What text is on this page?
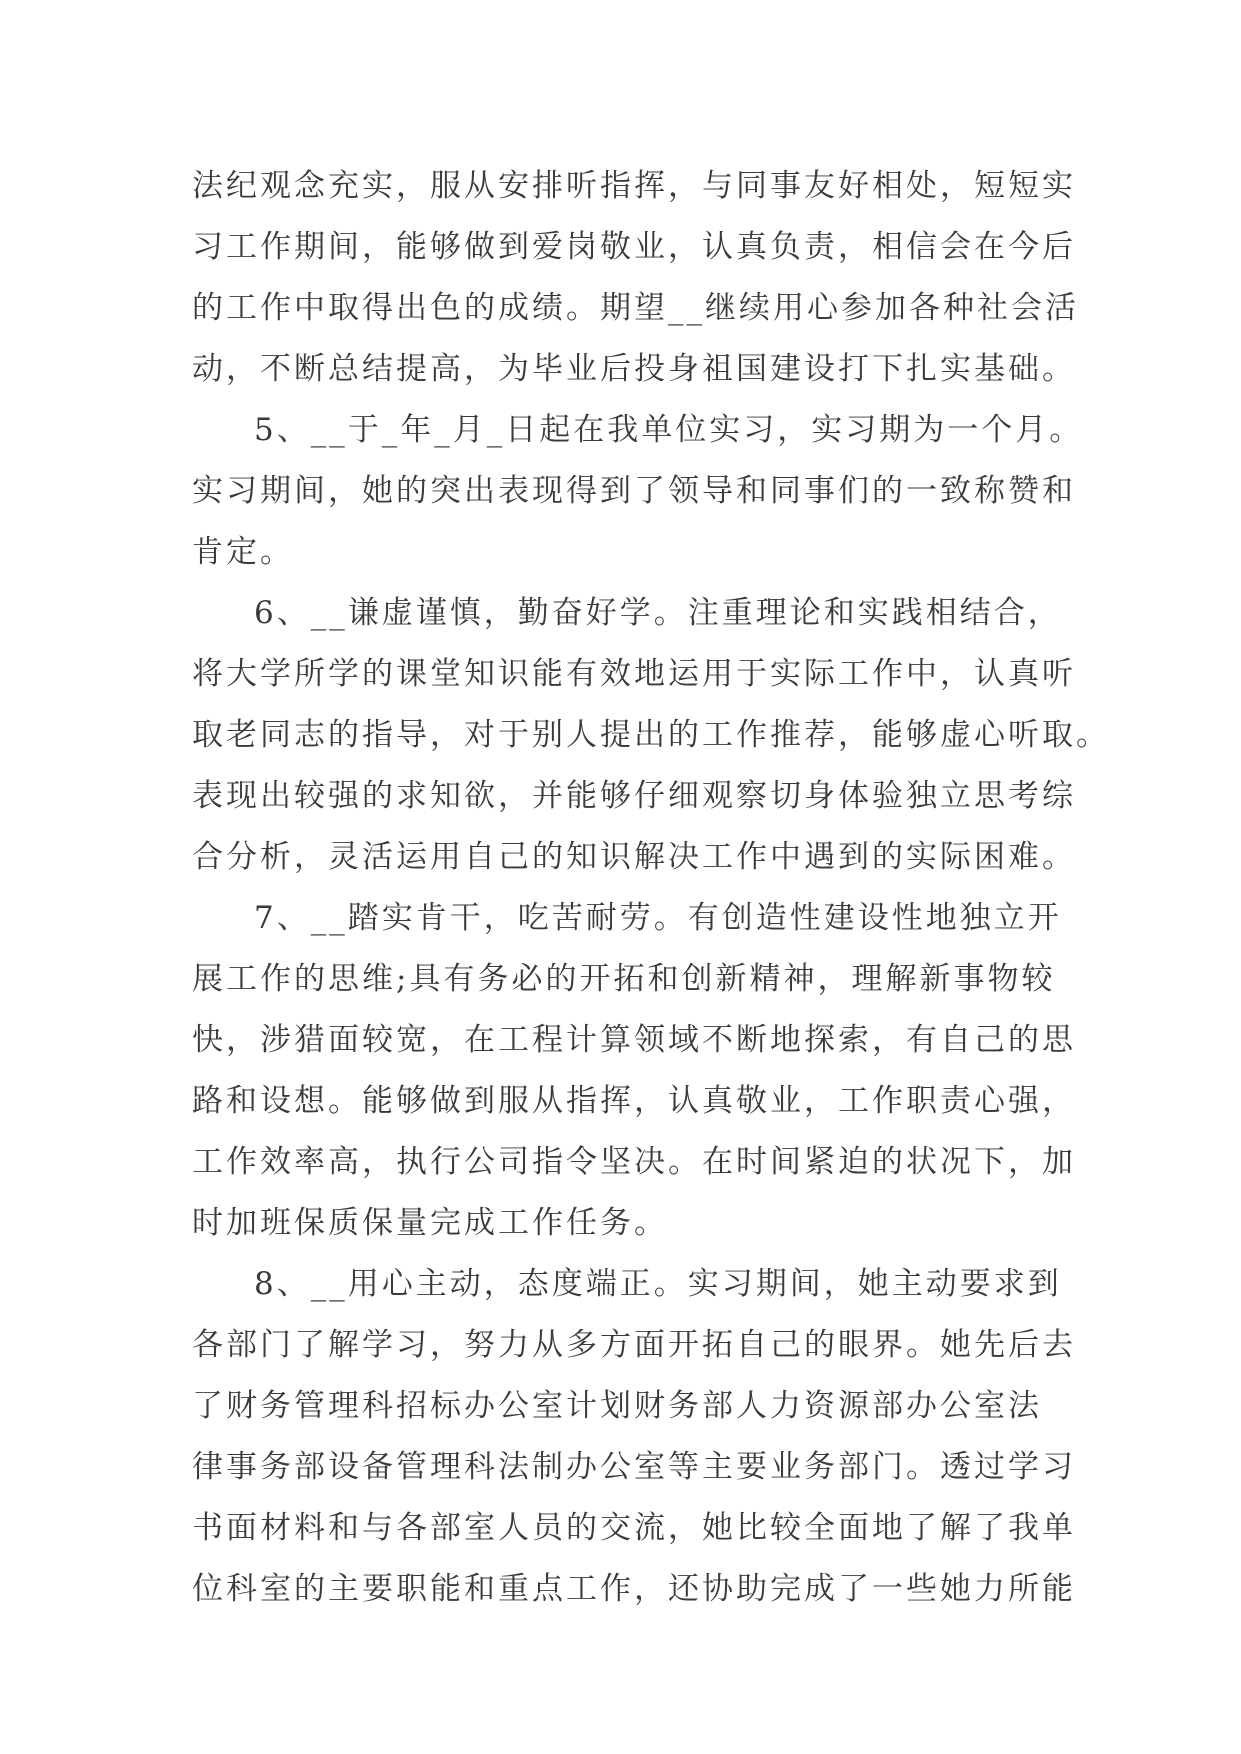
法纪观念充实，服从安排听指挥，与同事友好相处，短短实
习工作期间，能够做到爱岗敬业，认真负责，相信会在今后
的工作中取得出色的成绩。期望__继续用心参加各种社会活
动，不断总结提高，为毕业后投身祖国建设打下扎实基础。
5、__于_年_月_日起在我单位实习，实习期为一个月。
实习期间，她的突出表现得到了领导和同事们的一致称赞和
肯定。
6、__谦虚谨慎，勤奋好学。注重理论和实践相结合，
将大学所学的课堂知识能有效地运用于实际工作中，认真听
取老同志的指导，对于别人提出的工作推荐，能够虚心听取。
表现出较强的求知欲，并能够仔细观察切身体验独立思考综
合分析，灵活运用自己的知识解决工作中遇到的实际困难。
7、__踏实肯干，吃苦耐劳。有创造性建设性地独立开
展工作的思维;具有务必的开拓和创新精神，理解新事物较
快，涉猎面较宽，在工程计算领域不断地探索，有自己的思
路和设想。能够做到服从指挥，认真敬业，工作职责心强，
工作效率高，执行公司指令坚决。在时间紧迫的状况下，加
时加班保质保量完成工作任务。
8、__用心主动，态度端正。实习期间，她主动要求到
各部门了解学习，努力从多方面开拓自己的眼界。她先后去
了财务管理科招标办公室计划财务部人力资源部办公室法
律事务部设备管理科法制办公室等主要业务部门。透过学习
书面材料和与各部室人员的交流，她比较全面地了解了我单
位科室的主要职能和重点工作，还协助完成了一些她力所能
